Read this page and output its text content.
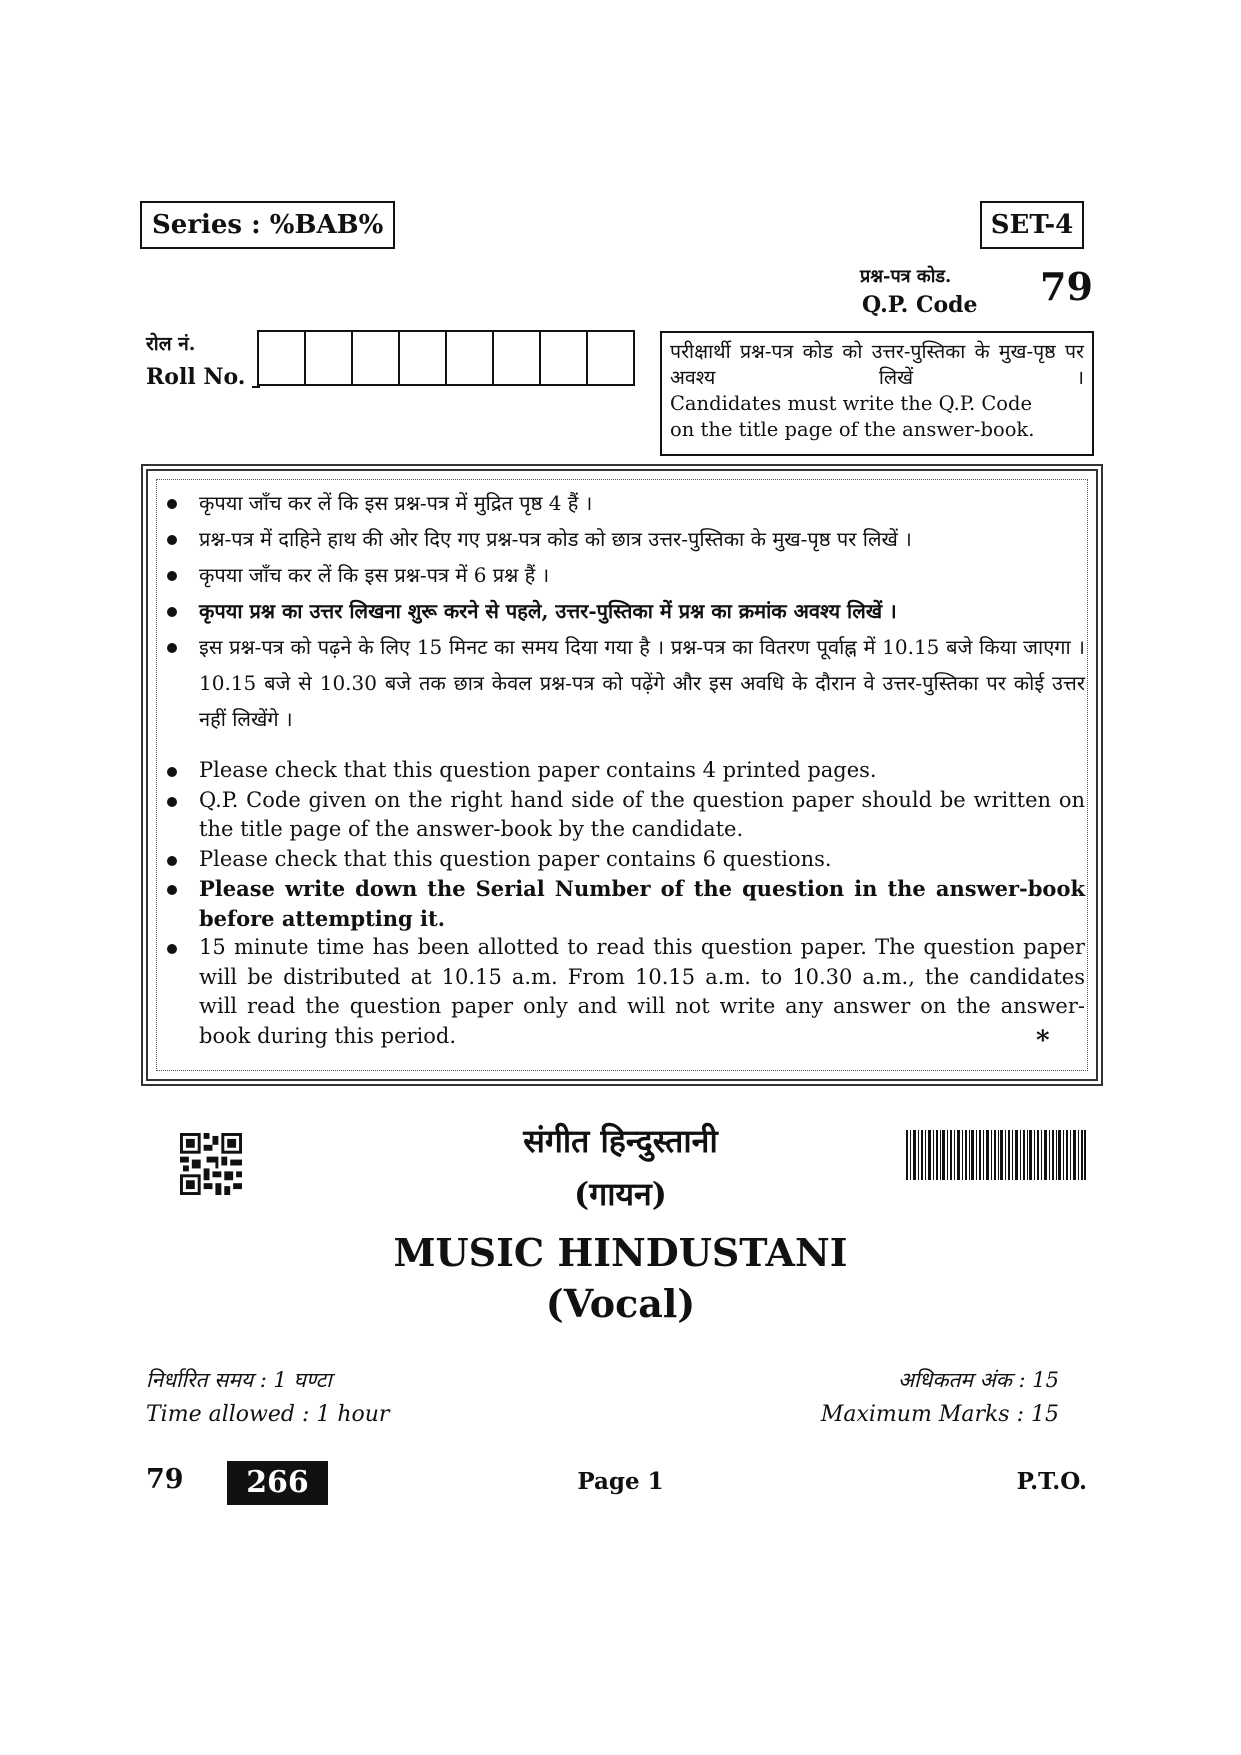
Series : %BAB%	SET-4
प्रश्न-पत्र कोड.
Q.P. Code 79
रोल नं.
Roll No.
परीक्षार्थी प्रश्न-पत्र कोड को उत्तर-पुस्तिका के मुख-पृष्ठ पर अवश्य लिखें ।
Candidates must write the Q.P. Code
on the title page of the answer-book.
कृपया जाँच कर लें कि इस प्रश्न-पत्र में मुद्रित पृष्ठ 4 हैं ।
प्रश्न-पत्र में दाहिने हाथ की ओर दिए गए प्रश्न-पत्र कोड को छात्र उत्तर-पुस्तिका के मुख-पृष्ठ पर लिखें ।
कृपया जाँच कर लें कि इस प्रश्न-पत्र में 6 प्रश्न हैं ।
कृपया प्रश्न का उत्तर लिखना शुरू करने से पहले, उत्तर-पुस्तिका में प्रश्न का क्रमांक अवश्य लिखें ।
इस प्रश्न-पत्र को पढ़ने के लिए 15 मिनट का समय दिया गया है । प्रश्न-पत्र का वितरण पूर्वाह्न में 10.15 बजे किया जाएगा । 10.15 बजे से 10.30 बजे तक छात्र केवल प्रश्न-पत्र को पढ़ेंगे और इस अवधि के दौरान वे उत्तर-पुस्तिका पर कोई उत्तर नहीं लिखेंगे ।
Please check that this question paper contains 4 printed pages.
Q.P. Code given on the right hand side of the question paper should be written on the title page of the answer-book by the candidate.
Please check that this question paper contains 6 questions.
Please write down the Serial Number of the question in the answer-book before attempting it.
15 minute time has been allotted to read this question paper. The question paper will be distributed at 10.15 a.m. From 10.15 a.m. to 10.30 a.m., the candidates will read the question paper only and will not write any answer on the answer-book during this period.	*
संगीत हिन्दुस्तानी
(गायन)
MUSIC HINDUSTANI
(Vocal)
निर्धारित समय : 1 घण्टा
Time allowed : 1 hour
अधिकतम अंक : 15
Maximum Marks : 15
79	266	Page 1	P.T.O.
